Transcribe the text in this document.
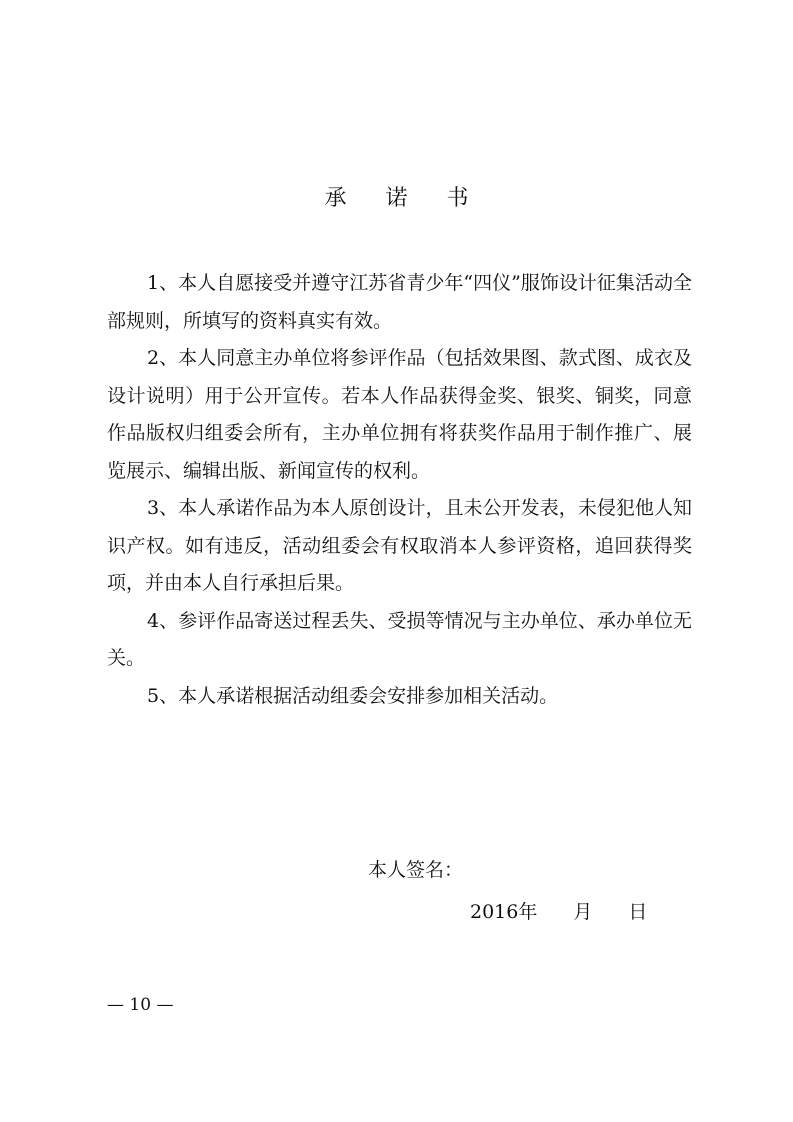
承 诺 书

1、本人自愿接受并遵守江苏省青少年“四仪”服饰设计征集活动全部规则，所填写的资料真实有效。

2、本人同意主办单位将参评作品（包括效果图、款式图、成衣及设计说明）用于公开宣传。若本人作品获得金奖、银奖、铜奖，同意作品版权归组委会所有，主办单位拥有将获奖作品用于制作推广、展览展示、编辑出版、新闻宣传的权利。

3、本人承诺作品为本人原创设计，且未公开发表，未侵犯他人知识产权。如有违反，活动组委会有权取消本人参评资格，追回获得奖项，并由本人自行承担后果。

4、参评作品寄送过程丢失、受损等情况与主办单位、承办单位无关。

5、本人承诺根据活动组委会安排参加相关活动。

本人签名：
2016年 月 日
— 10 —
